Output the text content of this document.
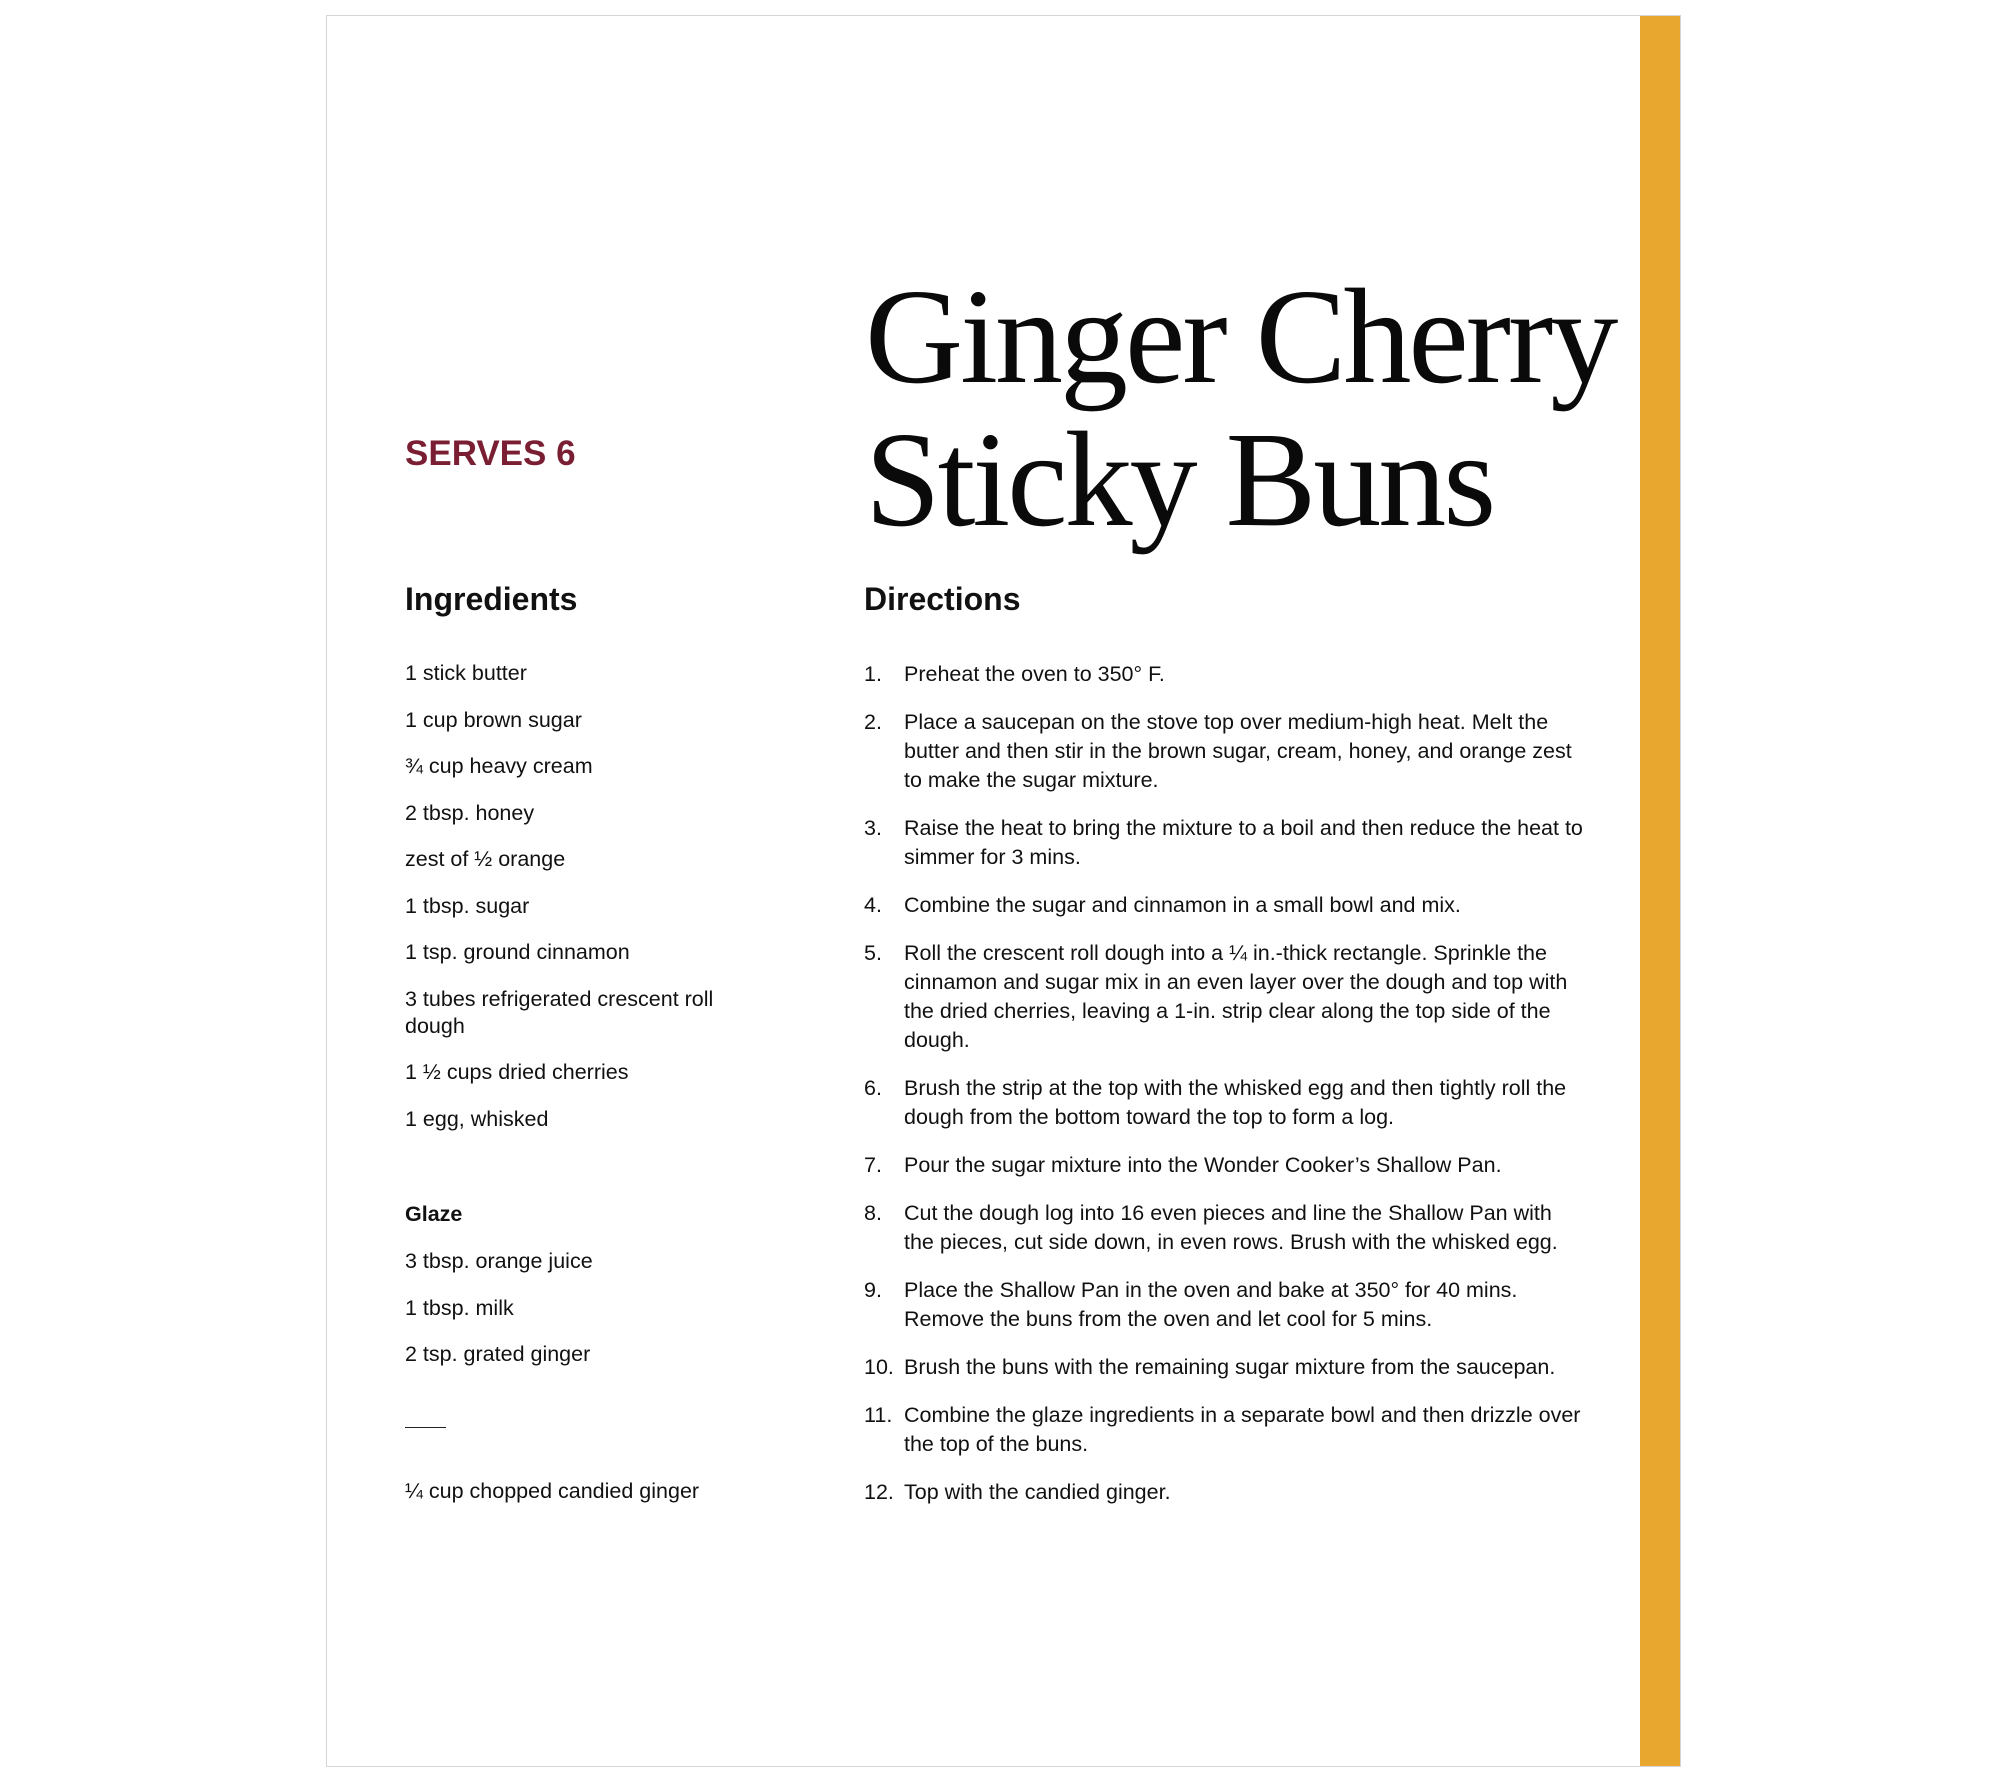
Ginger Cherry
Sticky Buns
SERVES 6
Ingredients	Directions
1 stick butter
1 cup brown sugar
¾ cup heavy cream
2 tbsp. honey
zest of ½ orange
1 tbsp. sugar
1 tsp. ground cinnamon
3 tubes refrigerated crescent roll dough
1 ½ cups dried cherries
1 egg, whisked
Glaze
3 tbsp. orange juice
1 tbsp. milk
2 tsp. grated ginger

¼ cup chopped candied ginger

1. Preheat the oven to 350° F.
2. Place a saucepan on the stove top over medium-high heat. Melt the butter and then stir in the brown sugar, cream, honey, and orange zest to make the sugar mixture.
3. Raise the heat to bring the mixture to a boil and then reduce the heat to simmer for 3 mins.
4. Combine the sugar and cinnamon in a small bowl and mix.
5. Roll the crescent roll dough into a ¼ in.-thick rectangle. Sprinkle the cinnamon and sugar mix in an even layer over the dough and top with the dried cherries, leaving a 1-in. strip clear along the top side of the dough.
6. Brush the strip at the top with the whisked egg and then tightly roll the dough from the bottom toward the top to form a log.
7. Pour the sugar mixture into the Wonder Cooker’s Shallow Pan.
8. Cut the dough log into 16 even pieces and line the Shallow Pan with the pieces, cut side down, in even rows. Brush with the whisked egg.
9. Place the Shallow Pan in the oven and bake at 350° for 40 mins. Remove the buns from the oven and let cool for 5 mins.
10. Brush the buns with the remaining sugar mixture from the saucepan.
11. Combine the glaze ingredients in a separate bowl and then drizzle over the top of the buns.
12. Top with the candied ginger.
